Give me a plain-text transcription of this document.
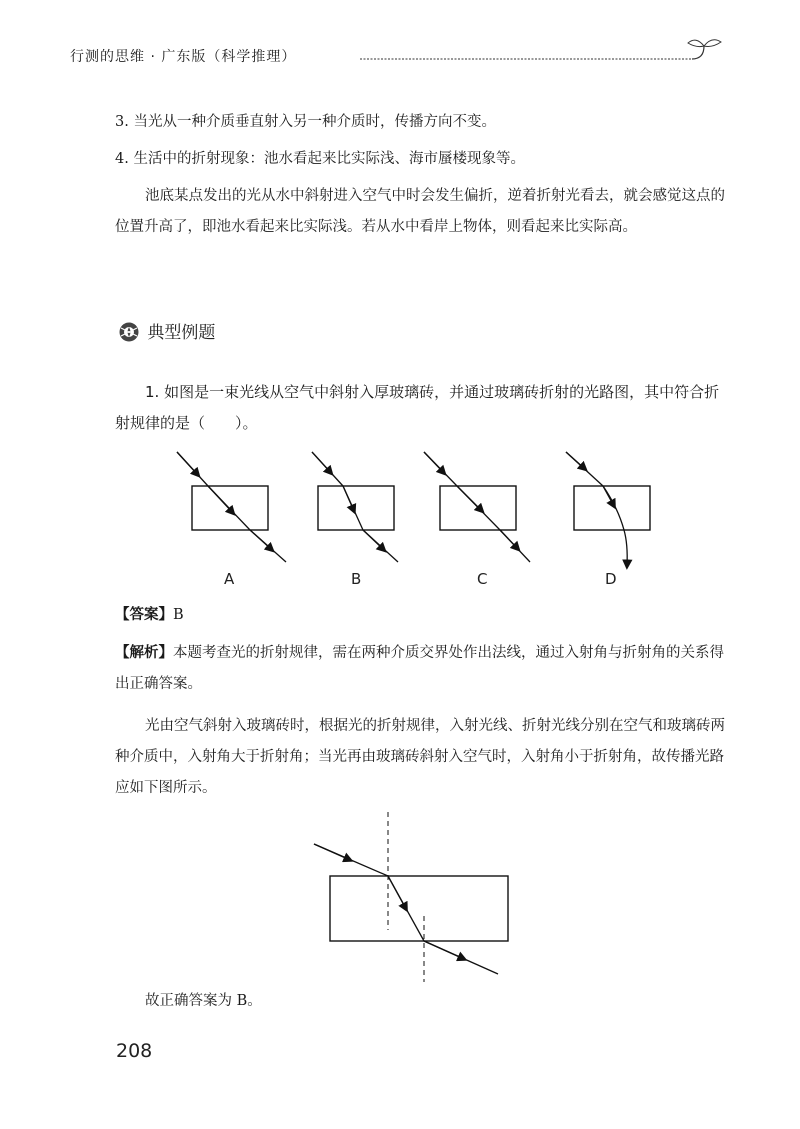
行测的思维 · 广东版（科学推理）
3. 当光从一种介质垂直射入另一种介质时，传播方向不变。
4. 生活中的折射现象：池水看起来比实际浅、海市蜃楼现象等。
池底某点发出的光从水中斜射进入空气中时会发生偏折，逆着折射光看去，就会感觉这点的位置升高了，即池水看起来比实际浅。若从水中看岸上物体，则看起来比实际高。
典型例题
1. 如图是一束光线从空气中斜射入厚玻璃砖，并通过玻璃砖折射的光路图，其中符合折射规律的是（　　）。
A	B	C	D
【答案】B
【解析】本题考查光的折射规律，需在两种介质交界处作出法线，通过入射角与折射角的关系得出正确答案。
光由空气斜射入玻璃砖时，根据光的折射规律，入射光线、折射光线分别在空气和玻璃砖两种介质中，入射角大于折射角；当光再由玻璃砖斜射入空气时，入射角小于折射角，故传播光路应如下图所示。
故正确答案为 B。
208
